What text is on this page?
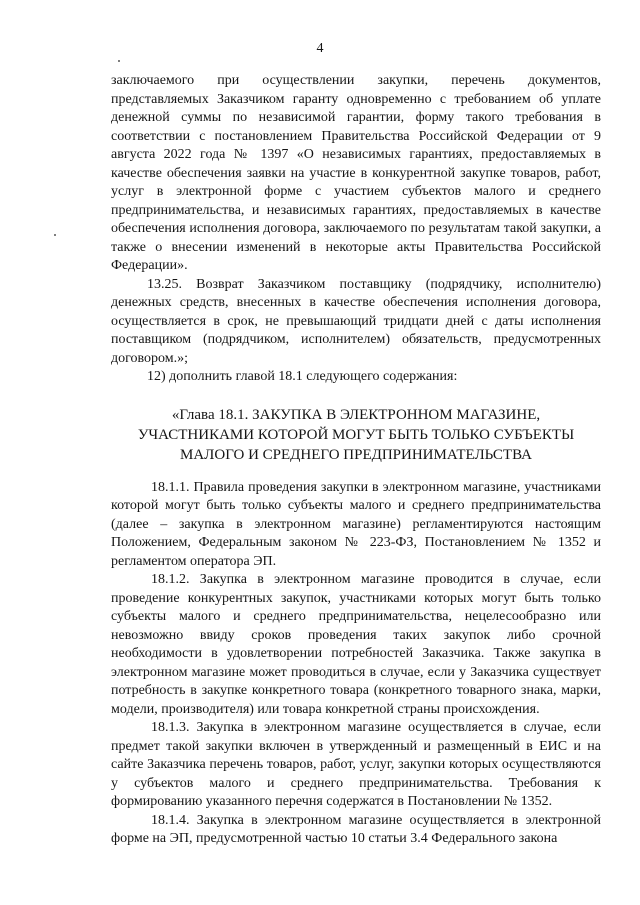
4

заключаемого при осуществлении закупки, перечень документов, представляемых Заказчиком гаранту одновременно с требованием об уплате денежной суммы по независимой гарантии, форму такого требования в соответствии с постановлением Правительства Российской Федерации от 9 августа 2022 года № 1397 «О независимых гарантиях, предоставляемых в качестве обеспечения заявки на участие в конкурентной закупке товаров, работ, услуг в электронной форме с участием субъектов малого и среднего предпринимательства, и независимых гарантиях, предоставляемых в качестве обеспечения исполнения договора, заключаемого по результатам такой закупки, а также о внесении изменений в некоторые акты Правительства Российской Федерации».

13.25. Возврат Заказчиком поставщику (подрядчику, исполнителю) денежных средств, внесенных в качестве обеспечения исполнения договора, осуществляется в срок, не превышающий тридцати дней с даты исполнения поставщиком (подрядчиком, исполнителем) обязательств, предусмотренных договором.»;

12) дополнить главой 18.1 следующего содержания:

«Глава 18.1. ЗАКУПКА В ЭЛЕКТРОННОМ МАГАЗИНЕ,
УЧАСТНИКАМИ КОТОРОЙ МОГУТ БЫТЬ ТОЛЬКО СУБЪЕКТЫ
МАЛОГО И СРЕДНЕГО ПРЕДПРИНИМАТЕЛЬСТВА

18.1.1. Правила проведения закупки в электронном магазине, участниками которой могут быть только субъекты малого и среднего предпринимательства (далее – закупка в электронном магазине) регламентируются настоящим Положением, Федеральным законом № 223-ФЗ, Постановлением № 1352 и регламентом оператора ЭП.

18.1.2. Закупка в электронном магазине проводится в случае, если проведение конкурентных закупок, участниками которых могут быть только субъекты малого и среднего предпринимательства, нецелесообразно или невозможно ввиду сроков проведения таких закупок либо срочной необходимости в удовлетворении потребностей Заказчика. Также закупка в электронном магазине может проводиться в случае, если у Заказчика существует потребность в закупке конкретного товара (конкретного товарного знака, марки, модели, производителя) или товара конкретной страны происхождения.

18.1.3. Закупка в электронном магазине осуществляется в случае, если предмет такой закупки включен в утвержденный и размещенный в ЕИС и на сайте Заказчика перечень товаров, работ, услуг, закупки которых осуществляются у субъектов малого и среднего предпринимательства. Требования к формированию указанного перечня содержатся в Постановлении № 1352.

18.1.4. Закупка в электронном магазине осуществляется в электронной форме на ЭП, предусмотренной частью 10 статьи 3.4 Федерального закона
